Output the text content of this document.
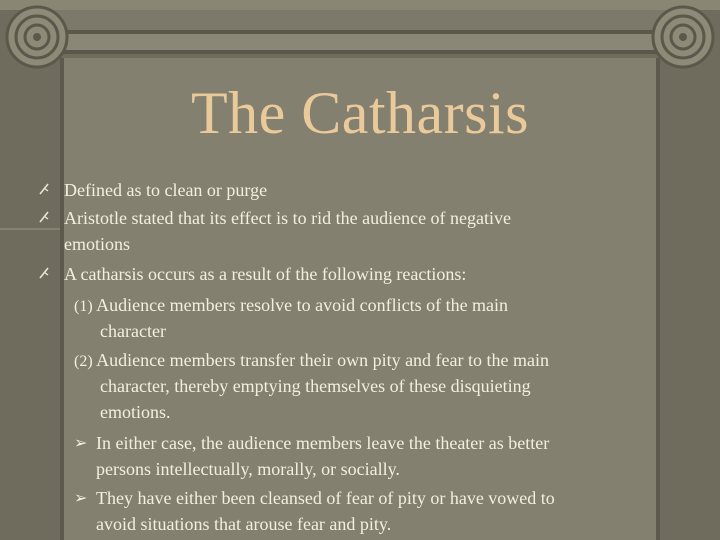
The Catharsis
Defined as to clean or purge
Aristotle stated that its effect is to rid the audience of negative
emotions
A catharsis occurs as a result of the following reactions:
(1) Audience members resolve to avoid conflicts of the main
character
(2) Audience members transfer their own pity and fear to the main
character, thereby emptying themselves of these disquieting
emotions.
➢ In either case, the audience members leave the theater as better
persons intellectually, morally, or socially.
➢ They have either been cleansed of fear of pity or have vowed to
avoid situations that arouse fear and pity.
